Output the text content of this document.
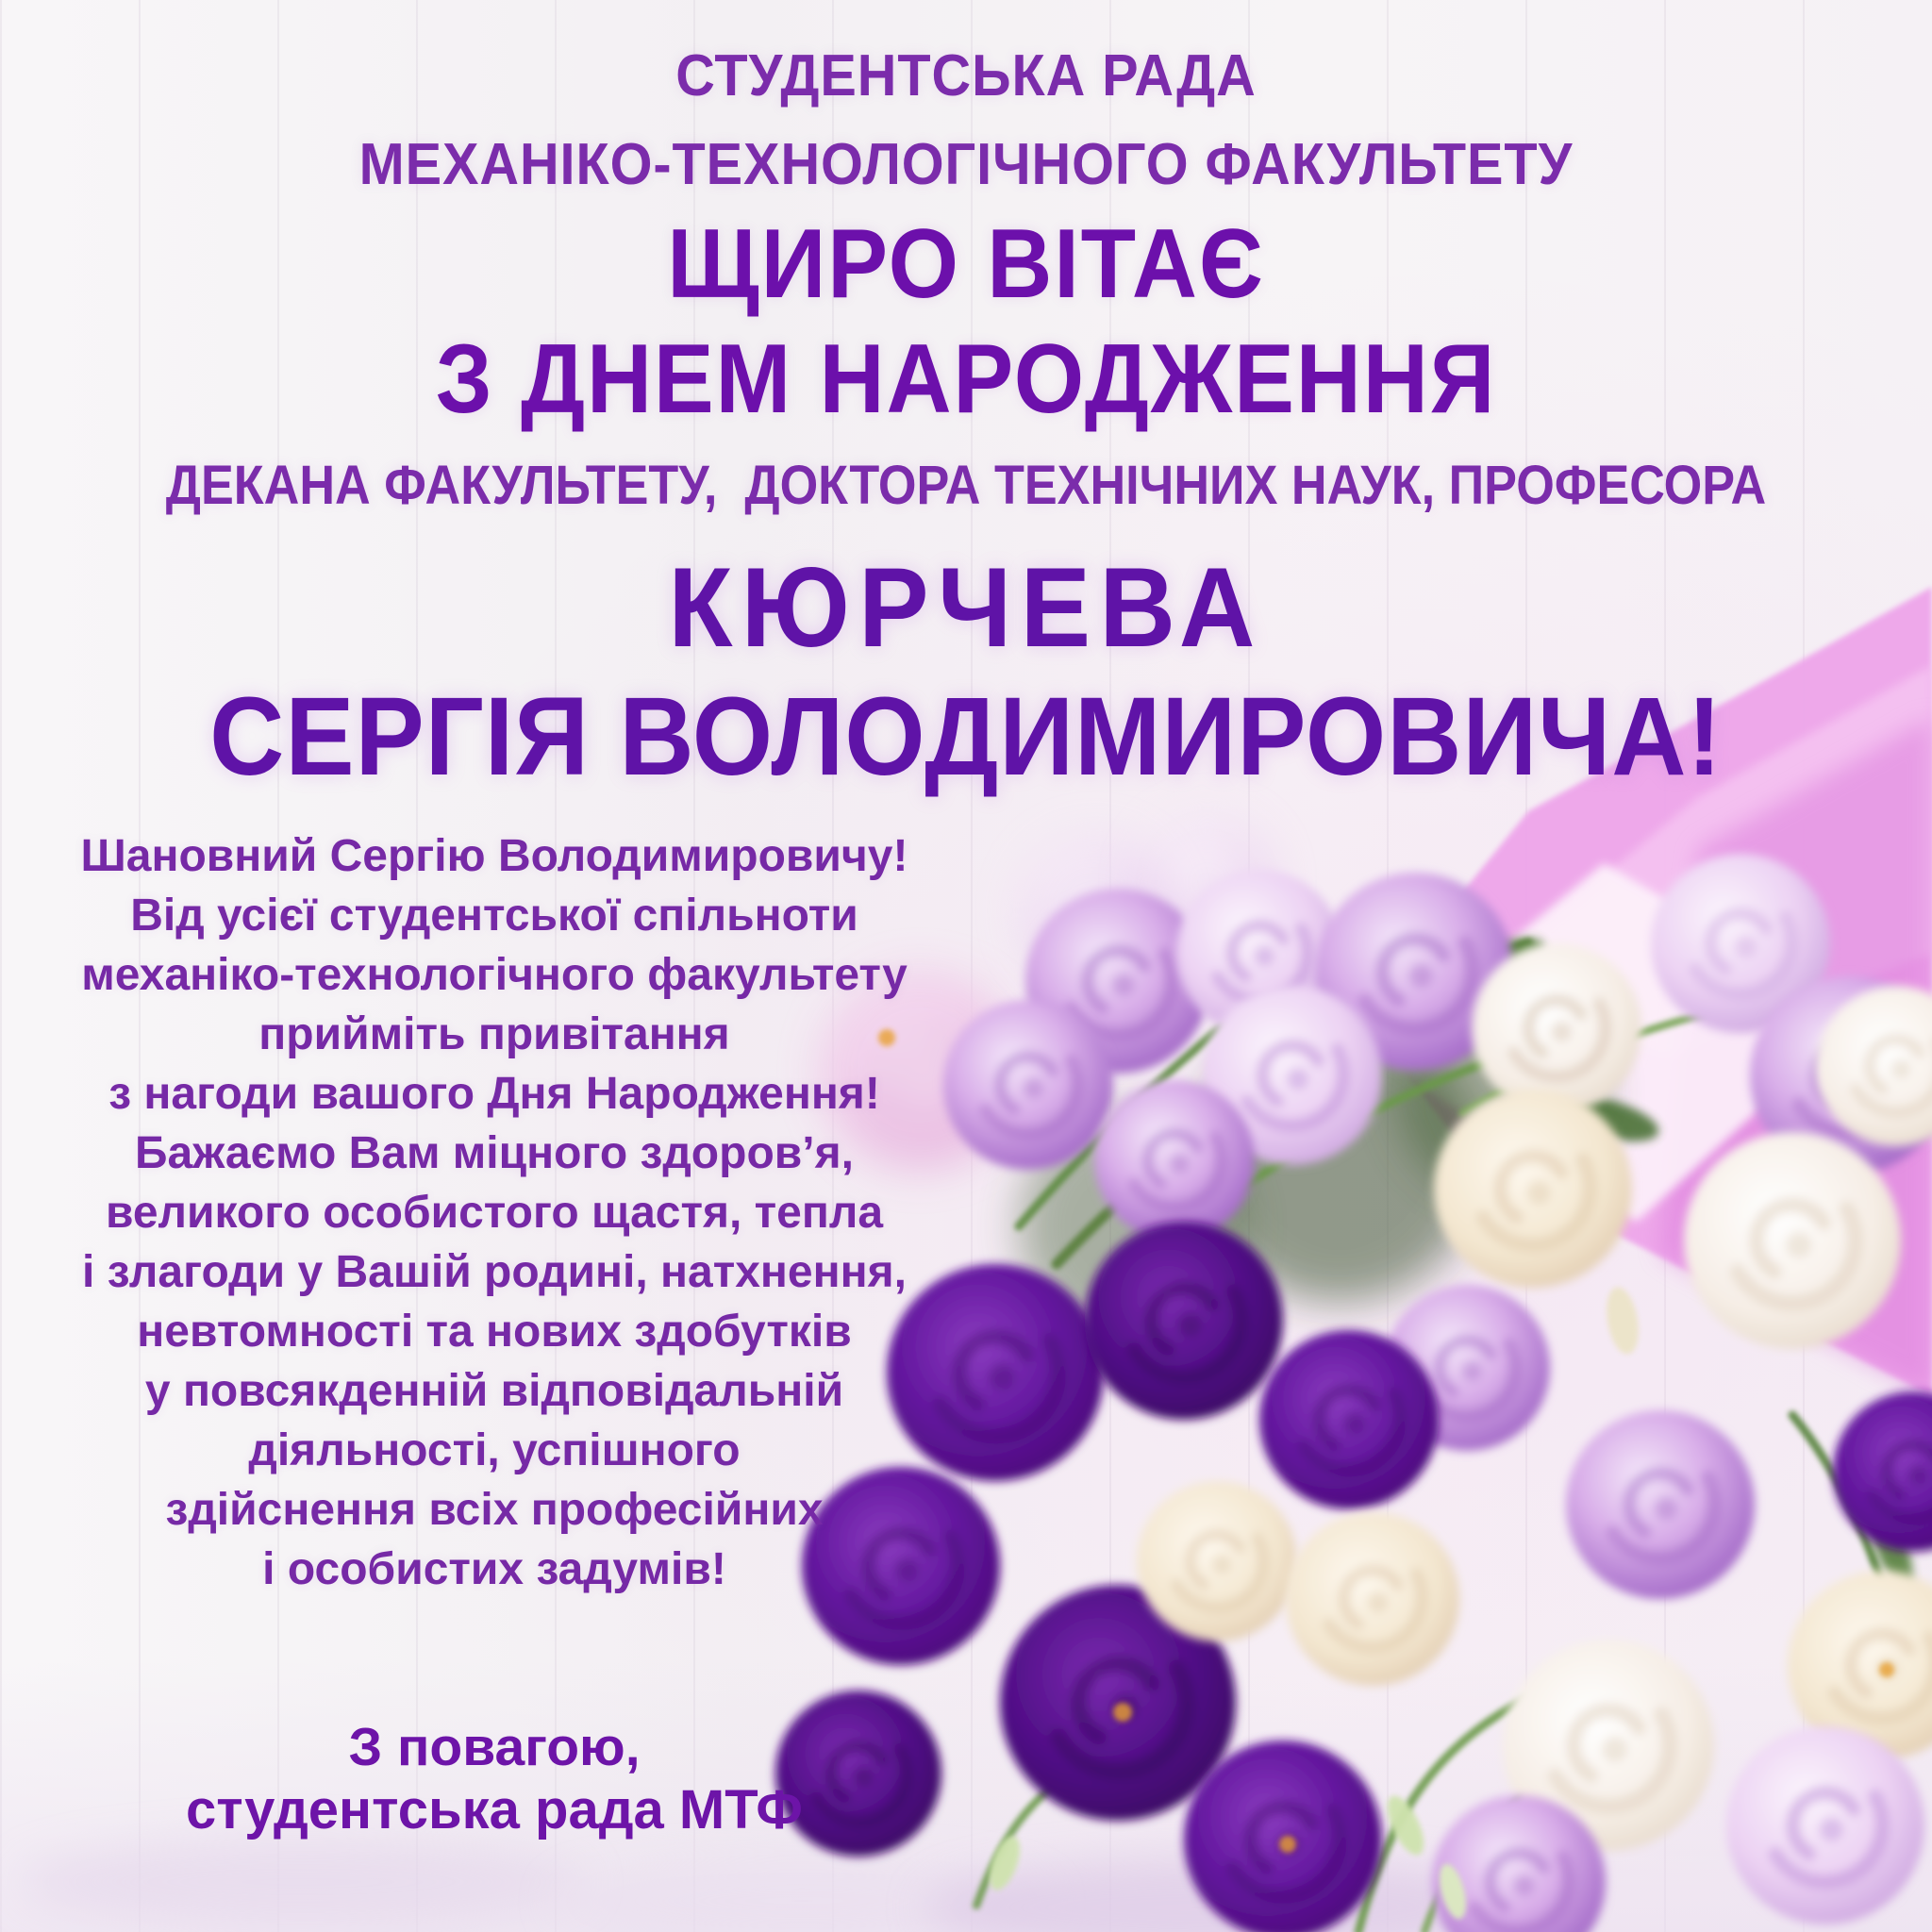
СТУДЕНТСЬКА РАДА
МЕХАНІКО-ТЕХНОЛОГІЧНОГО ФАКУЛЬТЕТУ
ЩИРО ВІТАЄ
З ДНЕМ НАРОДЖЕННЯ
ДЕКАНА ФАКУЛЬТЕТУ,  ДОКТОРА ТЕХНІЧНИХ НАУК, ПРОФЕСОРА
КЮРЧЕВА
СЕРГІЯ ВОЛОДИМИРОВИЧА!
Шановний Сергію Володимировичу!
Від усієї студентської спільноти
механіко-технологічного факультету
прийміть привітання
з нагоди вашого Дня Народження!
Бажаємо Вам міцного здоров’я,
великого особистого щастя, тепла
і злагоди у Вашій родині, натхнення,
невтомності та нових здобутків
у повсякденній відповідальній
діяльності, успішного
здійснення всіх професійних
і особистих задумів!
З повагою,
студентська рада МТФ
